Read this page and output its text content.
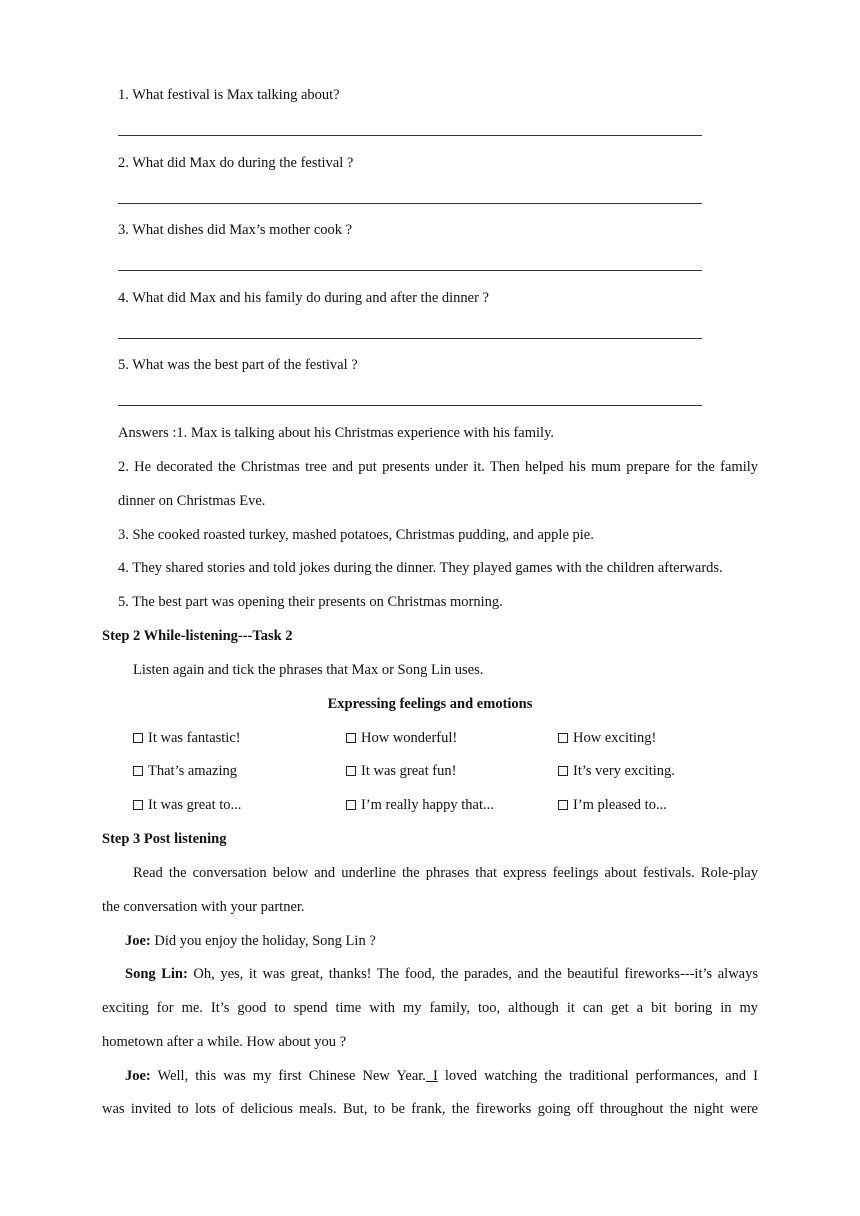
1. What festival is Max talking about?
2. What did Max do during the festival ?
3. What dishes did Max’s mother cook ?
4. What did Max and his family do during and after the dinner ?
5. What was the best part of the festival ?
Answers :1. Max is talking about his Christmas experience with his family.
2. He decorated the Christmas tree and put presents under it. Then helped his mum prepare for the family
dinner on Christmas Eve.
3. She cooked roasted turkey, mashed potatoes, Christmas pudding, and apple pie.
4. They shared stories and told jokes during the dinner. They played games with the children afterwards.
5. The best part was opening their presents on Christmas morning.
Step 2 While-listening---Task 2
Listen again and tick the phrases that Max or Song Lin uses.
Expressing feelings and emotions
It was fantastic!	How wonderful!	How exciting!
That’s amazing	It was great fun!	It’s very exciting.
It was great to...	I’m really happy that...	I’m pleased to...
Step 3 Post listening
Read the conversation below and underline the phrases that express feelings about festivals. Role-play
the conversation with your partner.
Joe: Did you enjoy the holiday, Song Lin ?
Song Lin: Oh, yes, it was great, thanks! The food, the parades, and the beautiful fireworks---it’s always
exciting for me. It’s good to spend time with my family, too, although it can get a bit boring in my
hometown after a while. How about you ?
Joe: Well, this was my first Chinese New Year. I loved watching the traditional performances, and I
was invited to lots of delicious meals. But, to be frank, the fireworks going off throughout the night were
